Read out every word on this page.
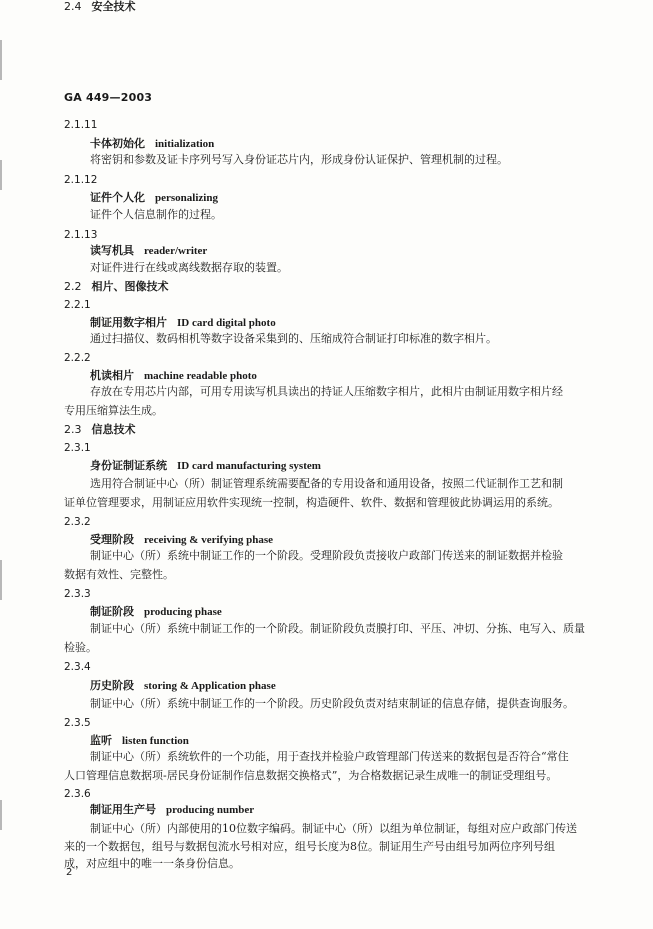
GA 449—2003
2.1.11
卡体初始化 initialization
将密钥和参数及证卡序列号写入身份证芯片内，形成身份认证保护、管理机制的过程。
2.1.12
证件个人化 personalizing
证件个人信息制作的过程。
2.1.13
读写机具 reader/writer
对证件进行在线或离线数据存取的装置。
2.2 相片、图像技术
2.2.1
制证用数字相片 ID card digital photo
通过扫描仪、数码相机等数字设备采集到的、压缩成符合制证打印标准的数字相片。
2.2.2
机读相片 machine readable photo
存放在专用芯片内部，可用专用读写机具读出的持证人压缩数字相片，此相片由制证用数字相片经
专用压缩算法生成。
2.3 信息技术
2.3.1
身份证制证系统 ID card manufacturing system
选用符合制证中心（所）制证管理系统需要配备的专用设备和通用设备，按照二代证制作工艺和制
证单位管理要求，用制证应用软件实现统一控制，构造硬件、软件、数据和管理彼此协调运用的系统。
2.3.2
受理阶段 receiving & verifying phase
制证中心（所）系统中制证工作的一个阶段。受理阶段负责接收户政部门传送来的制证数据并检验
数据有效性、完整性。
2.3.3
制证阶段 producing phase
制证中心（所）系统中制证工作的一个阶段。制证阶段负责膜打印、平压、冲切、分拣、电写入、质量
检验。
2.3.4
历史阶段 storing & Application phase
制证中心（所）系统中制证工作的一个阶段。历史阶段负责对结束制证的信息存储，提供查询服务。
2.3.5
监听 listen function
制证中心（所）系统软件的一个功能，用于查找并检验户政管理部门传送来的数据包是否符合“常住
人口管理信息数据项-居民身份证制作信息数据交换格式”，为合格数据记录生成唯一的制证受理组号。
2.3.6
制证用生产号 producing number
制证中心（所）内部使用的10位数字编码。制证中心（所）以组为单位制证，每组对应户政部门传送
来的一个数据包，组号与数据包流水号相对应，组号长度为8位。制证用生产号由组号加两位序列号组
成，对应组中的唯一一条身份信息。
2.4 安全技术
2
